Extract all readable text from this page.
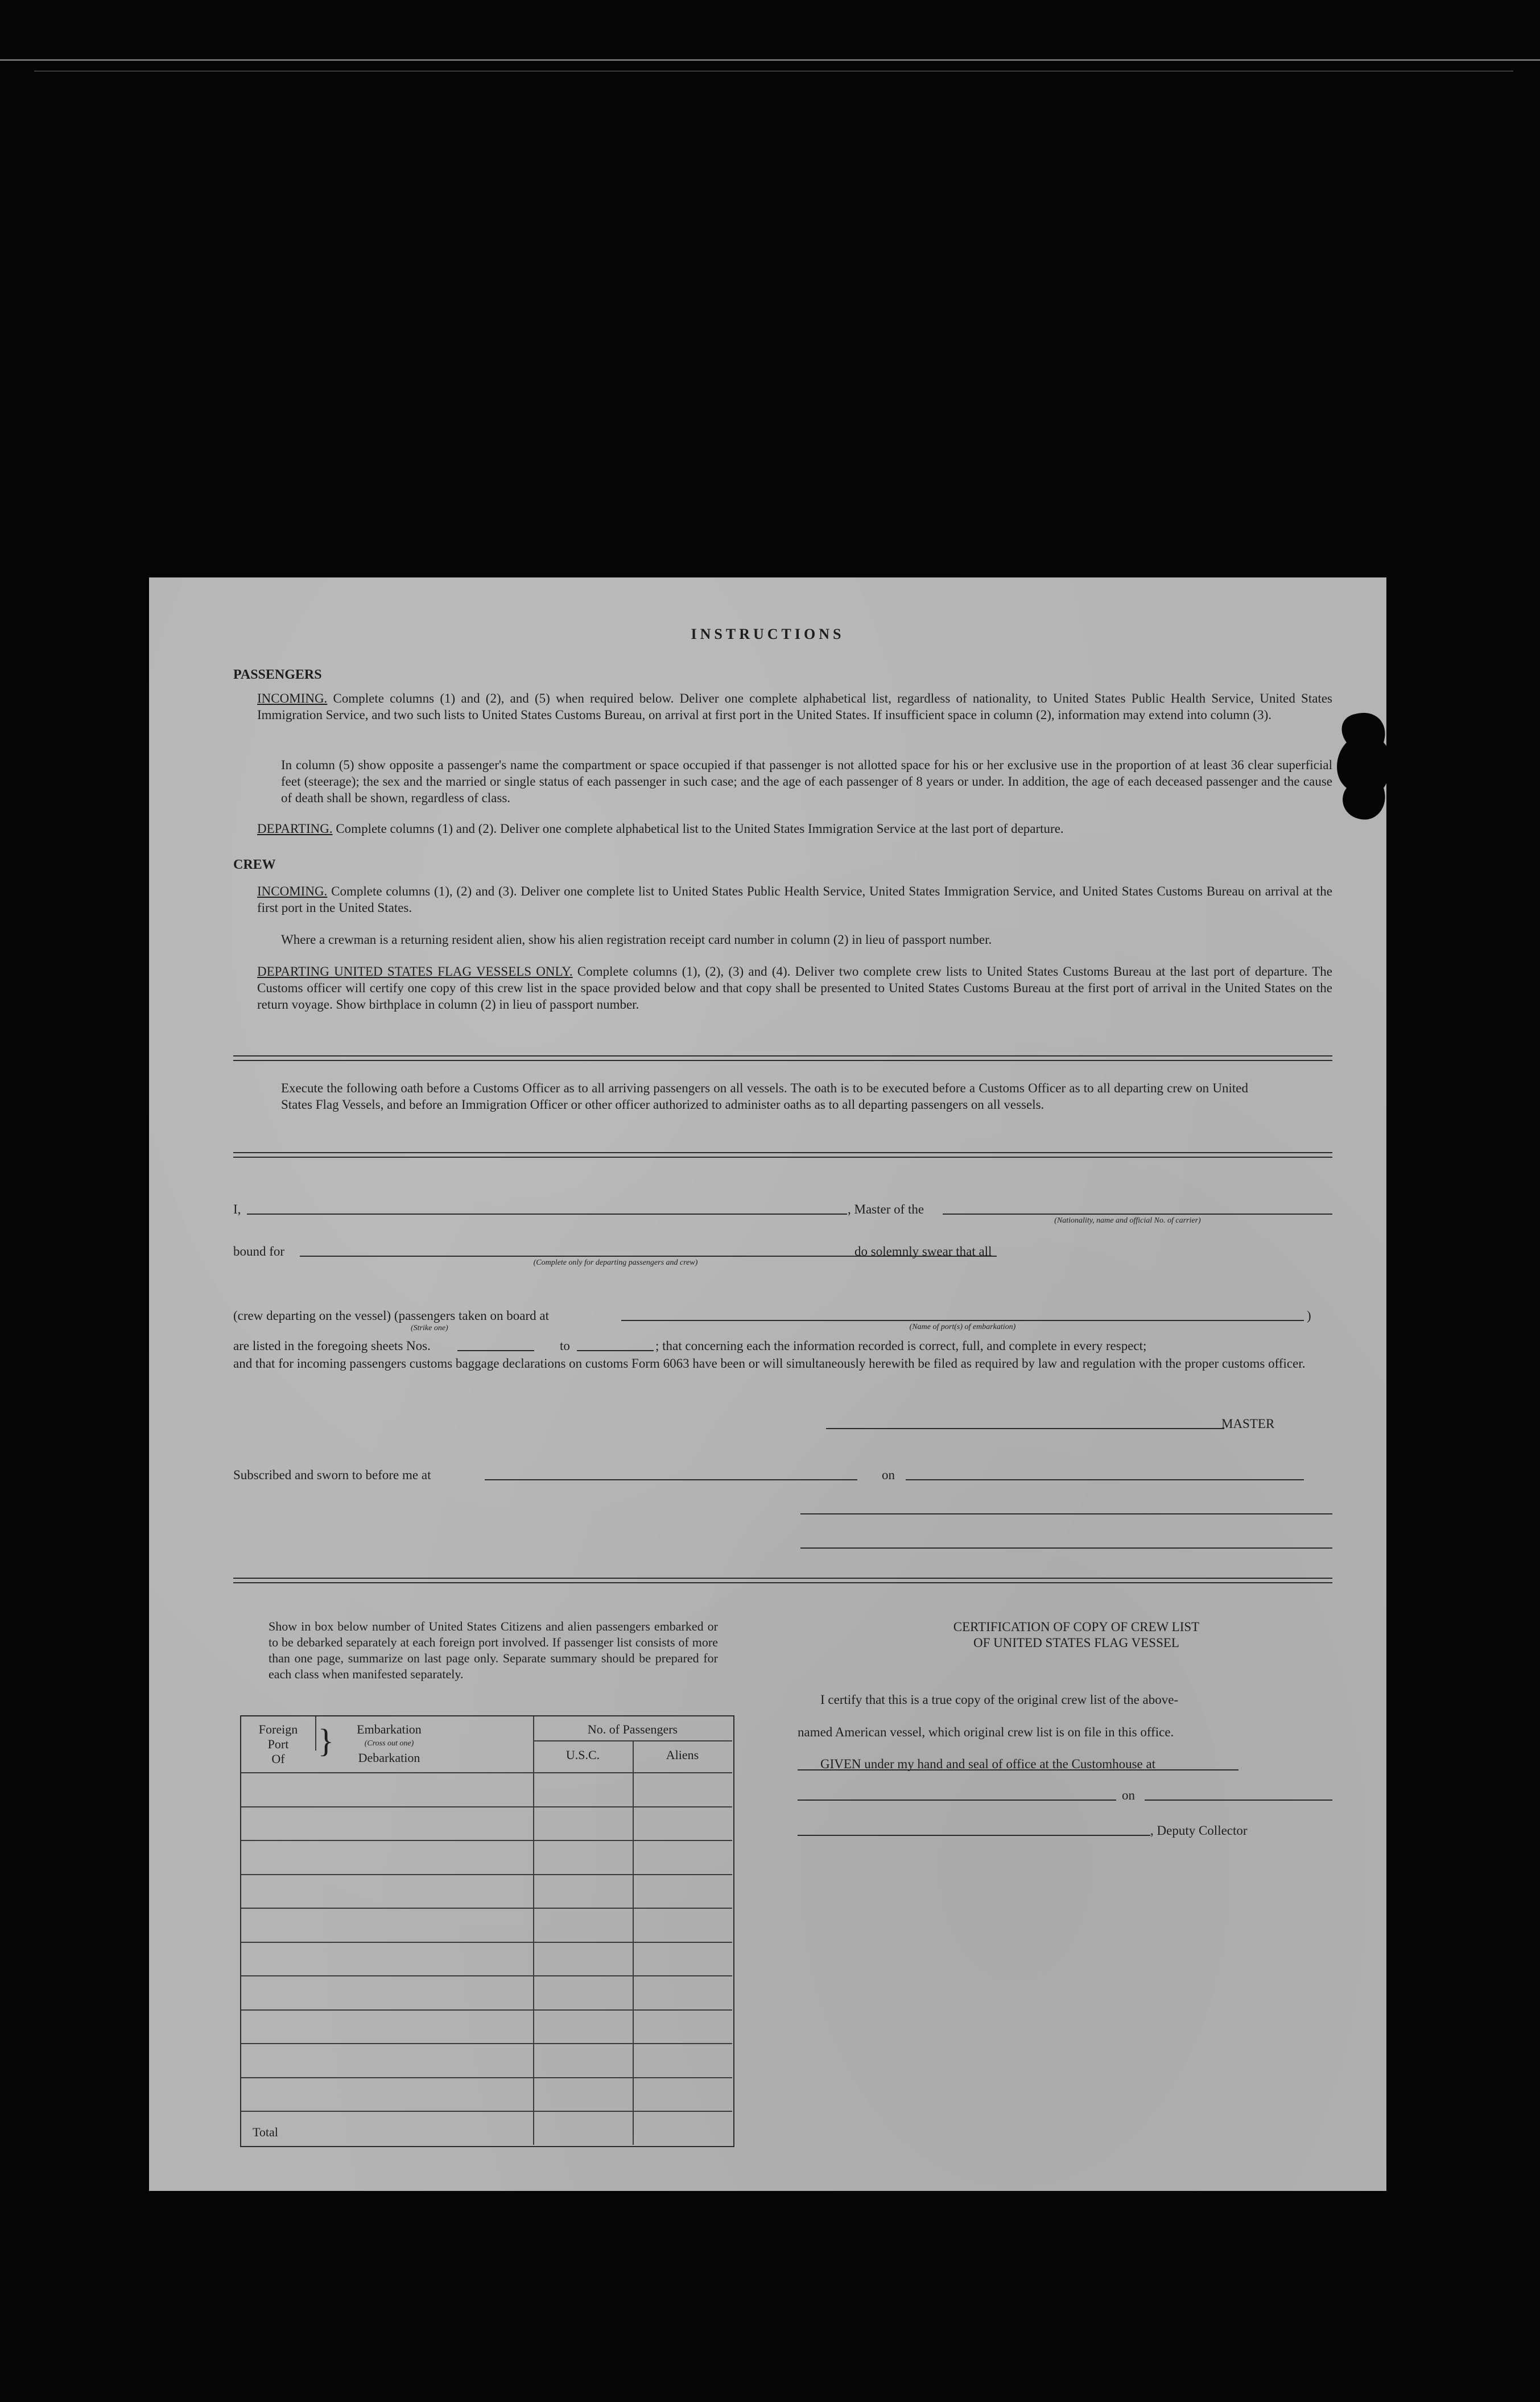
INSTRUCTIONS
PASSENGERS
INCOMING. Complete columns (1) and (2), and (5) when required below. Deliver one complete alphabetical list, regardless of nationality, to United States Public Health Service, United States Immigration Service, and two such lists to United States Customs Bureau, on arrival at first port in the United States. If insufficient space in column (2), information may extend into column (3).
In column (5) show opposite a passenger's name the compartment or space occupied if that passenger is not allotted space for his or her exclusive use in the proportion of at least 36 clear superficial feet (steerage); the sex and the married or single status of each passenger in such case; and the age of each passenger of 8 years or under. In addition, the age of each deceased passenger and the cause of death shall be shown, regardless of class.
DEPARTING. Complete columns (1) and (2). Deliver one complete alphabetical list to the United States Immigration Service at the last port of departure.
CREW
INCOMING. Complete columns (1), (2) and (3). Deliver one complete list to United States Public Health Service, United States Immigration Service, and United States Customs Bureau on arrival at the first port in the United States.
Where a crewman is a returning resident alien, show his alien registration receipt card number in column (2) in lieu of passport number.
DEPARTING UNITED STATES FLAG VESSELS ONLY. Complete columns (1), (2), (3) and (4). Deliver two complete crew lists to United States Customs Bureau at the last port of departure. The Customs officer will certify one copy of this crew list in the space provided below and that copy shall be presented to United States Customs Bureau at the first port of arrival in the United States on the return voyage. Show birthplace in column (2) in lieu of passport number.
Execute the following oath before a Customs Officer as to all arriving passengers on all vessels. The oath is to be executed before a Customs Officer as to all departing crew on United States Flag Vessels, and before an Immigration Officer or other officer authorized to administer oaths as to all departing passengers on all vessels.
I,	, Master of the
(Nationality, name and official No. of carrier)
bound for
(Complete only for departing passengers and crew)
do solemnly swear that all
(crew departing on the vessel) (passengers taken on board at
(Strike one)	(Name of port(s) of embarkation)
)
are listed in the foregoing sheets Nos.	to	; that concerning each the information recorded is correct, full, and complete in every respect;
and that for incoming passengers customs baggage declarations on customs Form 6063 have been or will simultaneously herewith be filed as required by law and regulation with the proper customs officer.
MASTER
Subscribed and sworn to before me at	on
Show in box below number of United States Citizens and alien passengers embarked or to be debarked separately at each foreign port involved. If passenger list consists of more than one page, summarize on last page only. Separate summary should be prepared for each class when manifested separately.
Foreign
Port
Of	}	Embarkation
(Cross out one)
Debarkation
No. of Passengers
U.S.C.	Aliens
Total
CERTIFICATION OF COPY OF CREW LIST
OF UNITED STATES FLAG VESSEL
I certify that this is a true copy of the original crew list of the above-
named American vessel, which original crew list is on file in this office.
GIVEN under my hand and seal of office at the Customhouse at
on
, Deputy Collector
